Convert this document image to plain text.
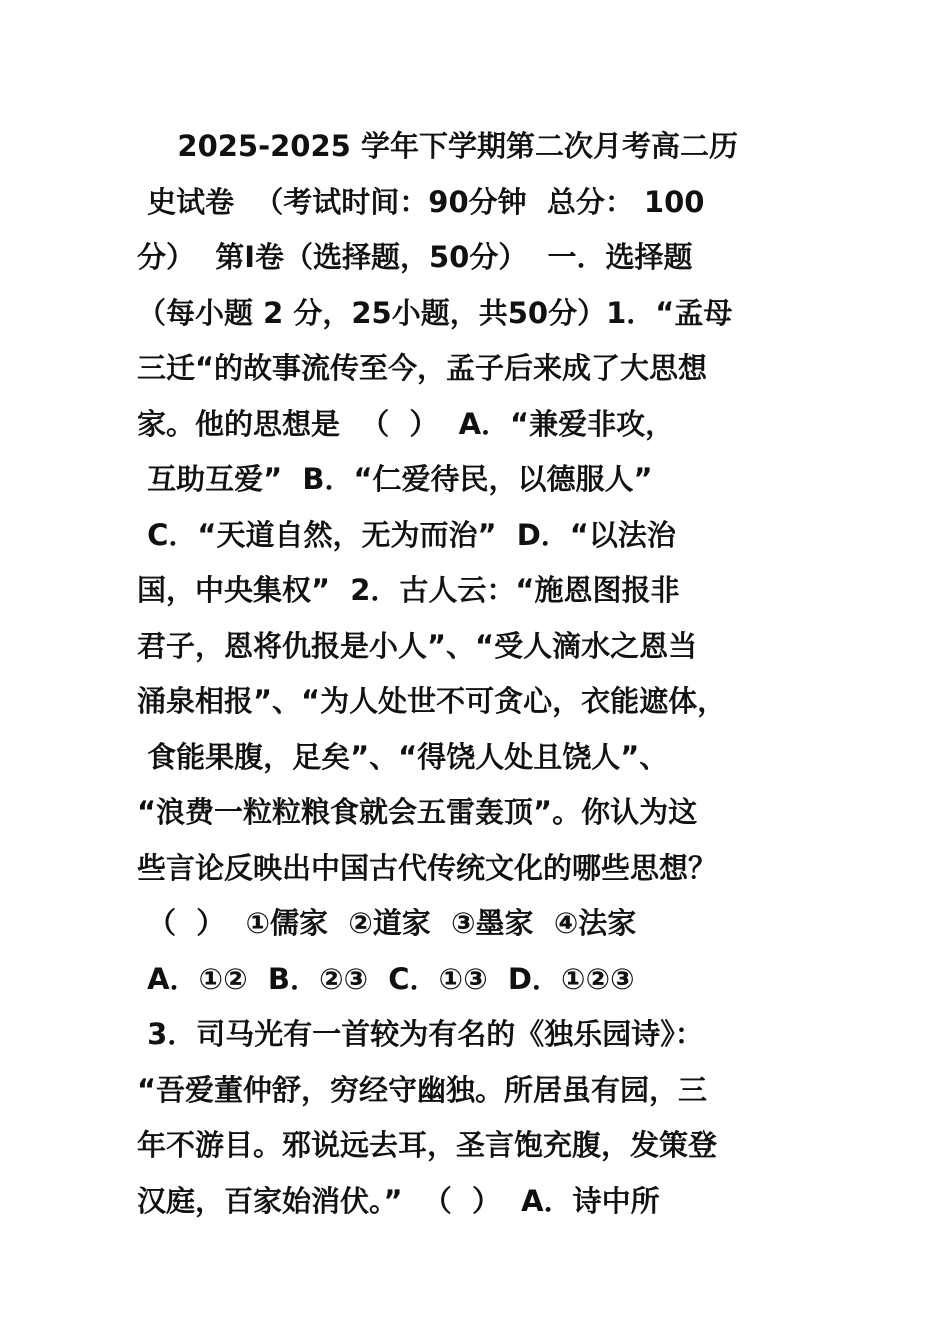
2025-2025 学年下学期第二次月考高二历
史试卷  （考试时间：90分钟  总分： 100
分）  第Ⅰ卷（选择题，50分）  一．选择题
（每小题 2 分，25小题，共50分）1．“孟母
三迁“的故事流传至今，孟子后来成了大思想
家。他的思想是  （  ）  A．“兼爱非攻，
互助互爱”  B．“仁爱待民，以德服人”
C．“天道自然，无为而治”  D．“以法治
国，中央集权”  2．古人云：“施恩图报非
君子，恩将仇报是小人”、“受人滴水之恩当
涌泉相报”、“为人处世不可贪心，衣能遮体，
食能果腹，足矣”、“得饶人处且饶人”、
“浪费一粒粒粮食就会五雷轰顶”。你认为这
些言论反映出中国古代传统文化的哪些思想？
（  ）  ①儒家  ②道家  ③墨家  ④法家
A．①②  B．②③  C．①③  D．①②③
3．司马光有一首较为有名的《独乐园诗》：
“吾爱董仲舒，穷经守幽独。所居虽有园，三
年不游目。邪说远去耳，圣言饱充腹，发策登
汉庭，百家始消伏。”  （  ）  A．诗中所
